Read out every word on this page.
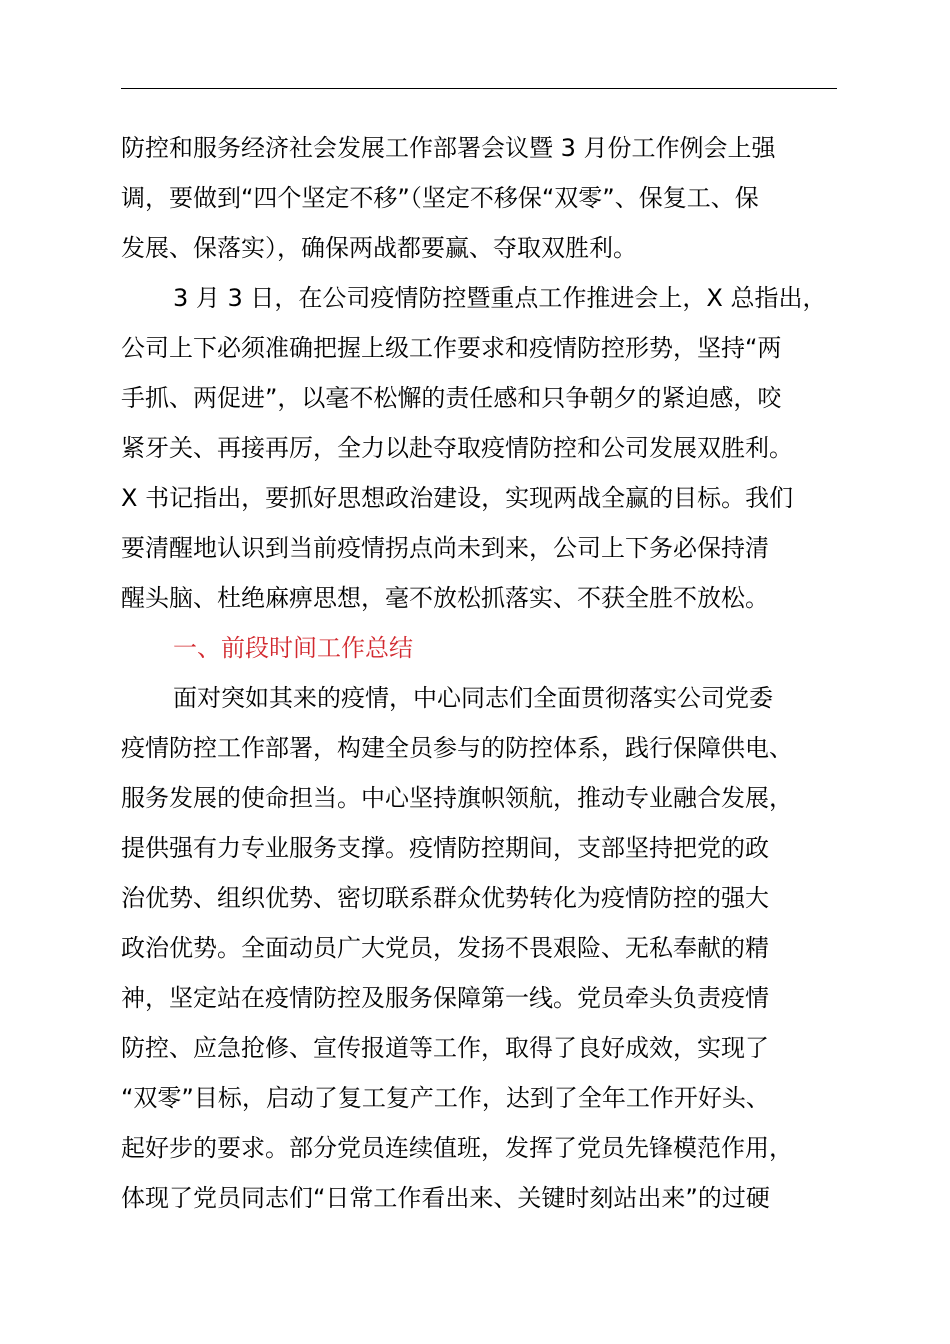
防控和服务经济社会发展工作部署会议暨 3 月份工作例会上强
调，要做到“四个坚定不移”（坚定不移保“双零”、保复工、保
发展、保落实），确保两战都要赢、夺取双胜利。
3 月 3 日，在公司疫情防控暨重点工作推进会上，X 总指出，
公司上下必须准确把握上级工作要求和疫情防控形势，坚持“两
手抓、两促进”，以毫不松懈的责任感和只争朝夕的紧迫感，咬
紧牙关、再接再厉，全力以赴夺取疫情防控和公司发展双胜利。
X 书记指出，要抓好思想政治建设，实现两战全赢的目标。我们
要清醒地认识到当前疫情拐点尚未到来，公司上下务必保持清
醒头脑、杜绝麻痹思想，毫不放松抓落实、不获全胜不放松。
一、前段时间工作总结
面对突如其来的疫情，中心同志们全面贯彻落实公司党委
疫情防控工作部署，构建全员参与的防控体系，践行保障供电、
服务发展的使命担当。中心坚持旗帜领航，推动专业融合发展，
提供强有力专业服务支撑。疫情防控期间，支部坚持把党的政
治优势、组织优势、密切联系群众优势转化为疫情防控的强大
政治优势。全面动员广大党员，发扬不畏艰险、无私奉献的精
神，坚定站在疫情防控及服务保障第一线。党员牵头负责疫情
防控、应急抢修、宣传报道等工作，取得了良好成效，实现了
“双零”目标，启动了复工复产工作，达到了全年工作开好头、
起好步的要求。部分党员连续值班，发挥了党员先锋模范作用，
体现了党员同志们“日常工作看出来、关键时刻站出来”的过硬
